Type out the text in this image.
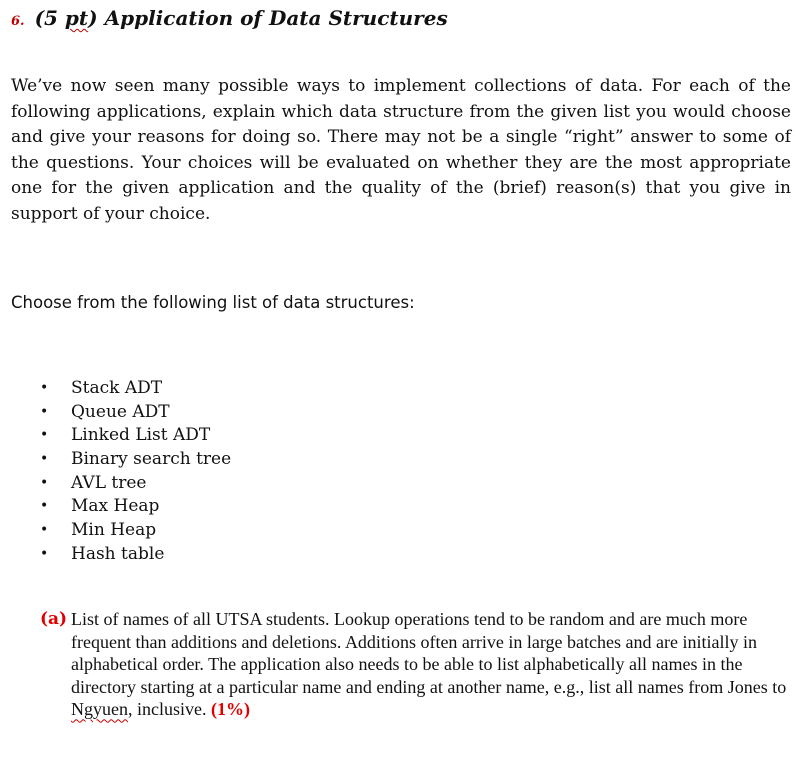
6. (5 pt) Application of Data Structures

We’ve now seen many possible ways to implement collections of data. For each of the following applications, explain which data structure from the given list you would choose and give your reasons for doing so. There may not be a single “right” answer to some of the questions. Your choices will be evaluated on whether they are the most appropriate one for the given application and the quality of the (brief) reason(s) that you give in support of your choice.

Choose from the following list of data structures:

• Stack ADT
• Queue ADT
• Linked List ADT
• Binary search tree
• AVL tree
• Max Heap
• Min Heap
• Hash table
(a) List of names of all UTSA students. Lookup operations tend to be random and are much more frequent than additions and deletions. Additions often arrive in large batches and are initially in alphabetical order. The application also needs to be able to list alphabetically all names in the directory starting at a particular name and ending at another name, e.g., list all names from Jones to Ngyuen, inclusive. (1%)
